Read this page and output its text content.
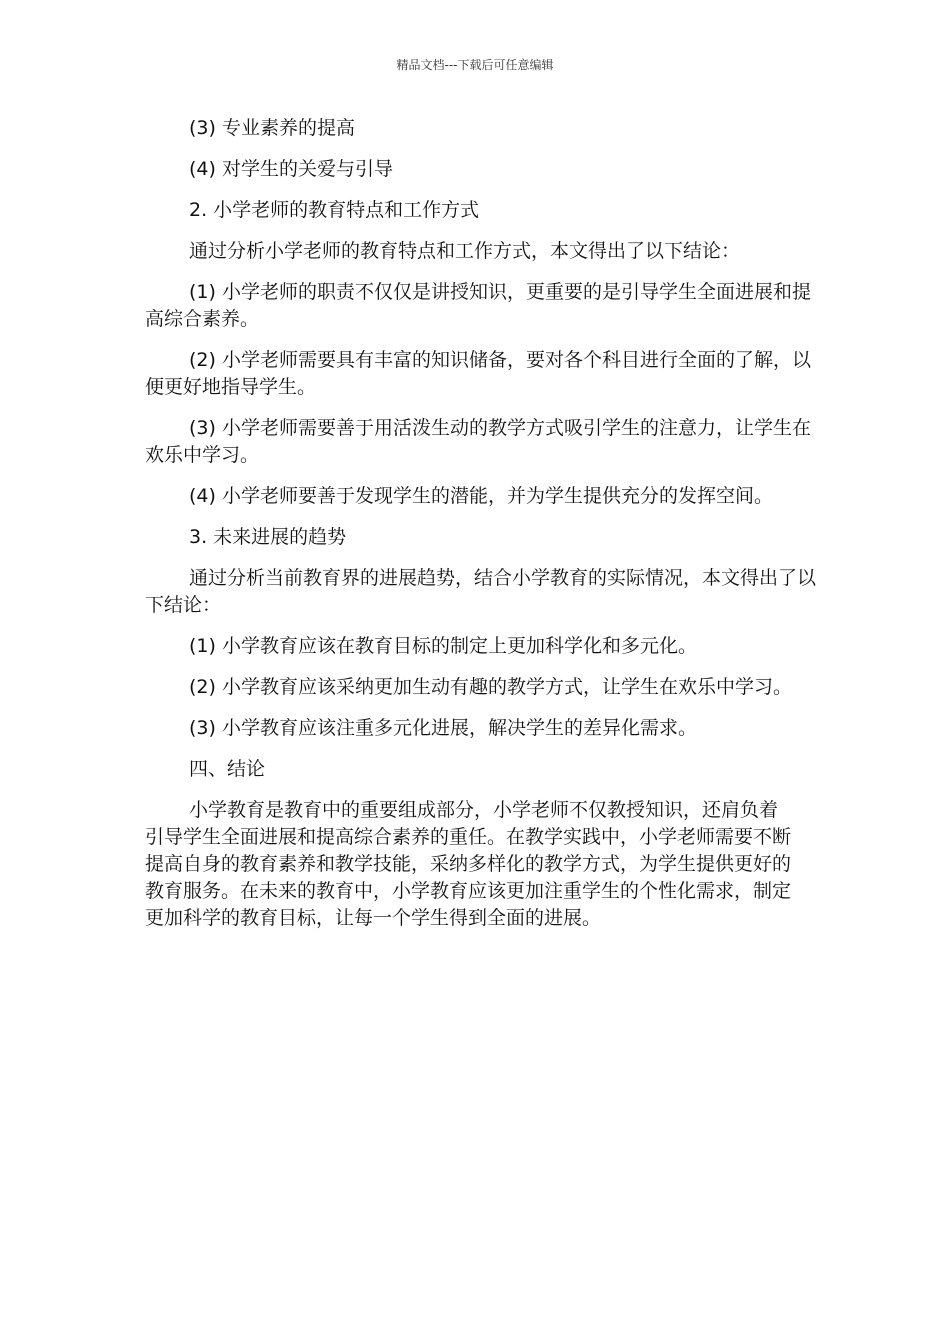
精品文档---下载后可任意编辑

(3) 专业素养的提高

(4) 对学生的关爱与引导

2. 小学老师的教育特点和工作方式

通过分析小学老师的教育特点和工作方式，本文得出了以下结论：

(1) 小学老师的职责不仅仅是讲授知识，更重要的是引导学生全面进展和提高综合素养。

(2) 小学老师需要具有丰富的知识储备，要对各个科目进行全面的了解，以便更好地指导学生。

(3) 小学老师需要善于用活泼生动的教学方式吸引学生的注意力，让学生在欢乐中学习。

(4) 小学老师要善于发现学生的潜能，并为学生提供充分的发挥空间。

3. 未来进展的趋势

通过分析当前教育界的进展趋势，结合小学教育的实际情况，本文得出了以下结论：

(1) 小学教育应该在教育目标的制定上更加科学化和多元化。

(2) 小学教育应该采纳更加生动有趣的教学方式，让学生在欢乐中学习。

(3) 小学教育应该注重多元化进展，解决学生的差异化需求。

四、结论

小学教育是教育中的重要组成部分，小学老师不仅教授知识，还肩负着引导学生全面进展和提高综合素养的重任。在教学实践中，小学老师需要不断提高自身的教育素养和教学技能，采纳多样化的教学方式，为学生提供更好的教育服务。在未来的教育中，小学教育应该更加注重学生的个性化需求，制定更加科学的教育目标，让每一个学生得到全面的进展。
